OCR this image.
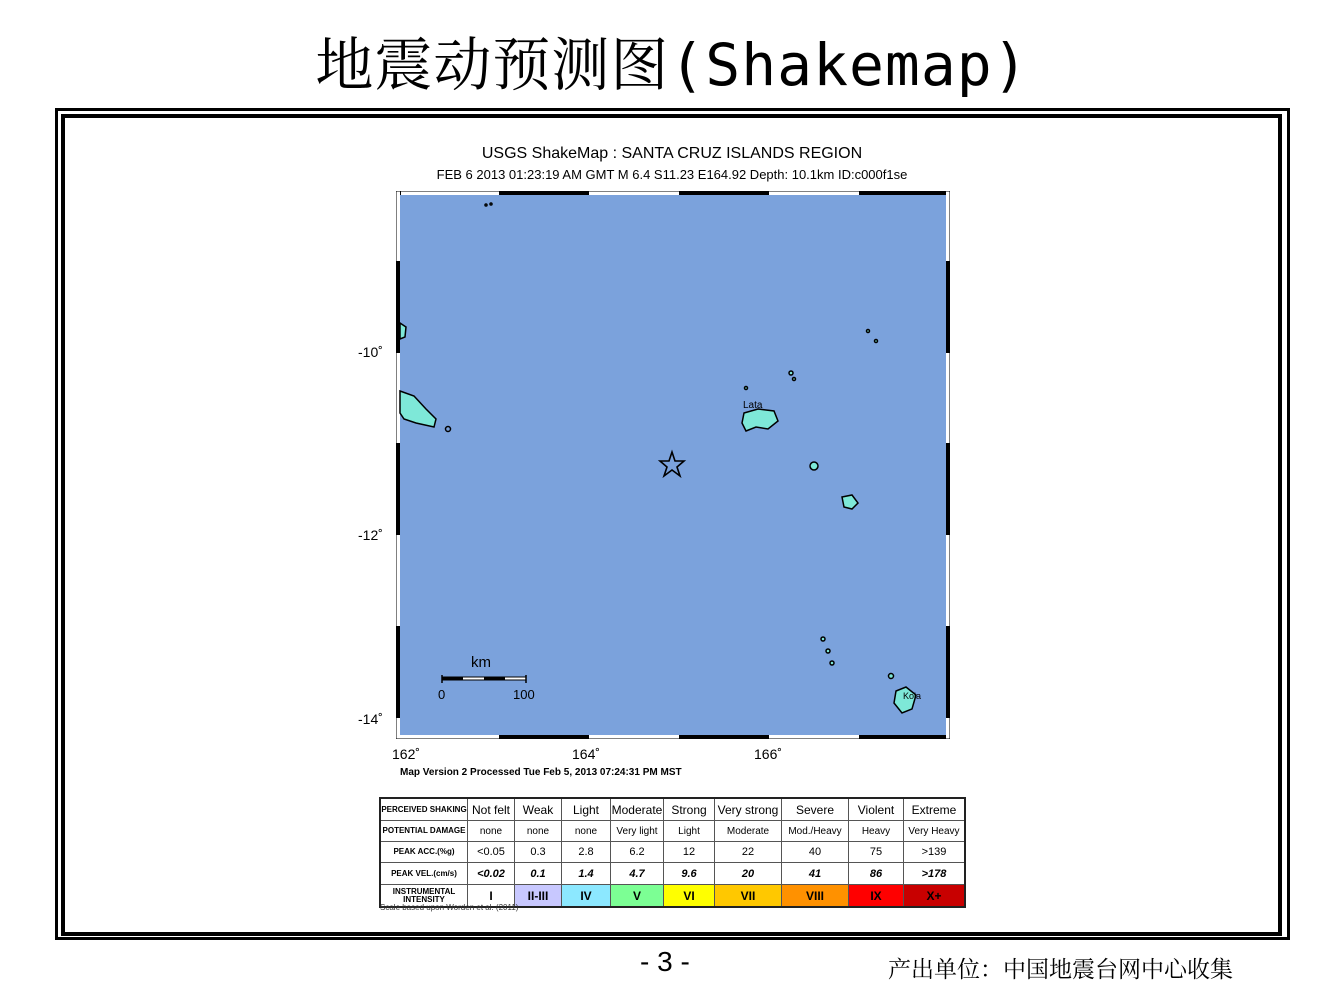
地震动预测图(Shakemap)
USGS ShakeMap : SANTA CRUZ ISLANDS REGION
FEB 6 2013 01:23:19 AM GMT M 6.4 S11.23 E164.92 Depth: 10.1km ID:c000f1se
Lata
Kola
km
0	100
-10˚
-12˚
-14˚
162˚	164˚	166˚
Map Version 2 Processed Tue Feb 5, 2013 07:24:31 PM MST
PERCEIVED SHAKING	Not felt	Weak	Light	Moderate	Strong	Very strong	Severe	Violent	Extreme
POTENTIAL DAMAGE	none	none	none	Very light	Light	Moderate	Mod./Heavy	Heavy	Very Heavy
PEAK ACC.(%g)	<0.05	0.3	2.8	6.2	12	22	40	75	>139
PEAK VEL.(cm/s)	<0.02	0.1	1.4	4.7	9.6	20	41	86	>178
INSTRUMENTAL INTENSITY	I	II-III	IV	V	VI	VII	VIII	IX	X+
Scale based upon Worden et al. (2011)
- 3 -	产出单位：中国地震台网中心收集
